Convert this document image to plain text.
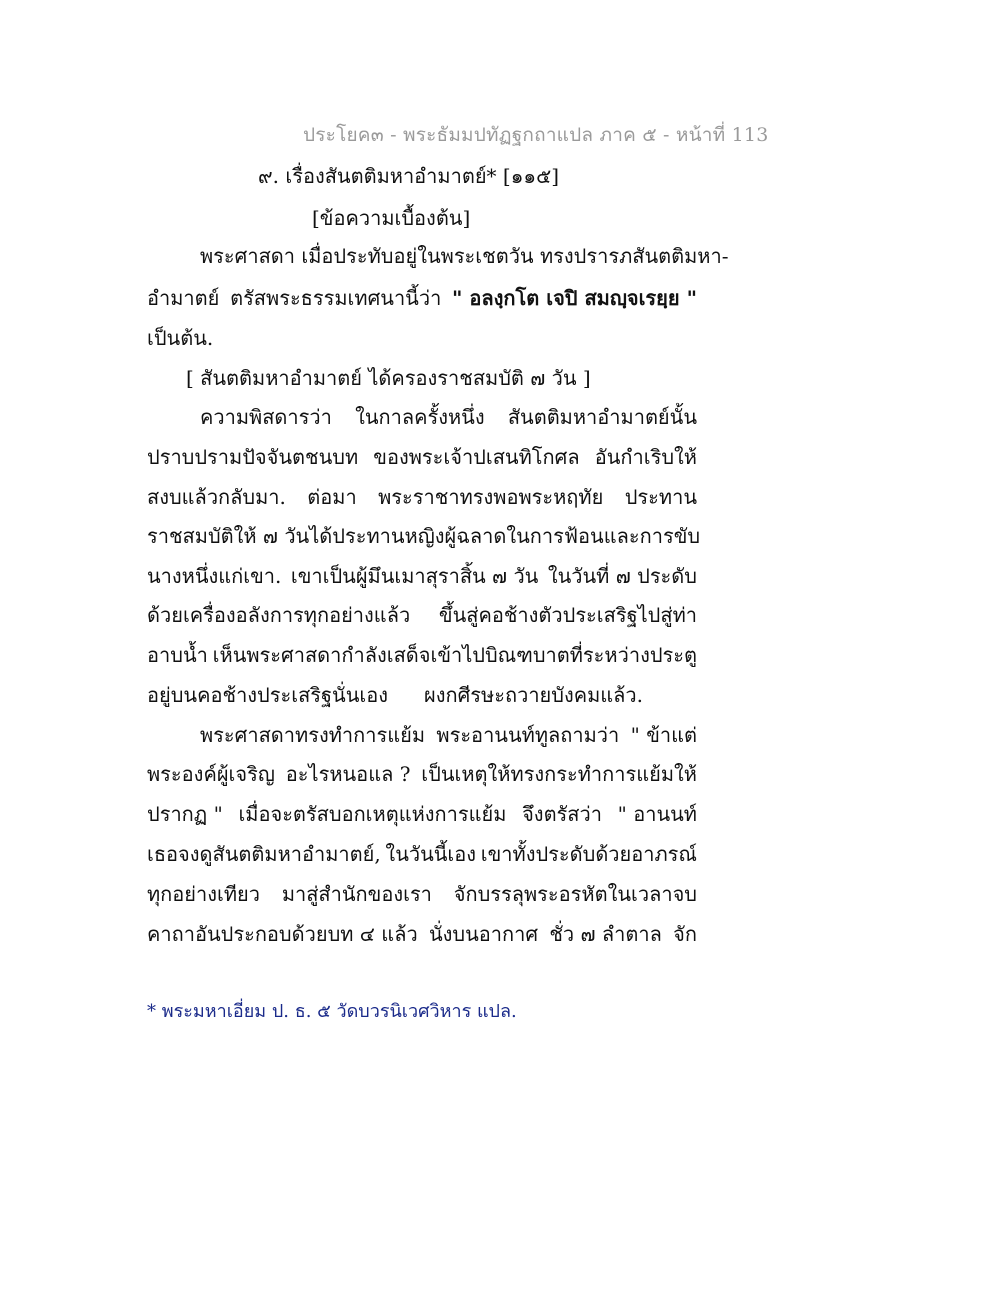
ประโยค๓ - พระธัมมปทัฏฐกถาแปล ภาค ๕ - หน้าที่ 113
๙. เรื่องสันตติมหาอำมาตย์* [๑๑๕]
[ข้อความเบื้องต้น]
พระศาสดา เมื่อประทับอยู่ในพระเชตวัน ทรงปรารภสันตติมหา-
อำมาตย์ ตรัสพระธรรมเทศนานี้ว่า " อลงฺกโต เจปิ สมญฺจเรยฺย "
เป็นต้น.
[ สันตติมหาอำมาตย์ ได้ครองราชสมบัติ ๗ วัน ]
ความพิสดารว่า ในกาลครั้งหนึ่ง สันตติมหาอำมาตย์นั้น
ปราบปรามปัจจันตชนบท ของพระเจ้าปเสนทิโกศล อันกำเริบให้
สงบแล้วกลับมา. ต่อมา พระราชาทรงพอพระหฤทัย ประทาน
ราชสมบัติให้ ๗ วัน ได้ประทานหญิงผู้ฉลาดในการฟ้อนและการขับ
นางหนึ่งแก่เขา. เขาเป็นผู้มึนเมาสุราสิ้น ๗ วัน ในวันที่ ๗ ประดับ
ด้วยเครื่องอลังการทุกอย่างแล้ว ขึ้นสู่คอช้างตัวประเสริฐไปสู่ท่า
อาบน้ำ เห็นพระศาสดากำลังเสด็จเข้าไปบิณฑบาตที่ระหว่างประตู
อยู่บนคอช้างประเสริฐนั่นเอง ผงกศีรษะถวายบังคมแล้ว.
พระศาสดาทรงทำการแย้ม พระอานนท์ทูลถามว่า " ข้าแต่
พระองค์ผู้เจริญ อะไรหนอแล ? เป็นเหตุให้ทรงกระทำการแย้มให้
ปรากฏ " เมื่อจะตรัสบอกเหตุแห่งการแย้ม จึงตรัสว่า " อานนท์
เธอจงดูสันตติมหาอำมาตย์, ในวันนี้เอง เขาทั้งประดับด้วยอาภรณ์
ทุกอย่างเทียว มาสู่สำนักของเรา จักบรรลุพระอรหัตในเวลาจบ
คาถาอันประกอบด้วยบท ๔ แล้ว นั่งบนอากาศ ชั่ว ๗ ลำตาล จัก
* พระมหาเอี่ยม ป. ธ. ๕ วัดบวรนิเวศวิหาร แปล.
